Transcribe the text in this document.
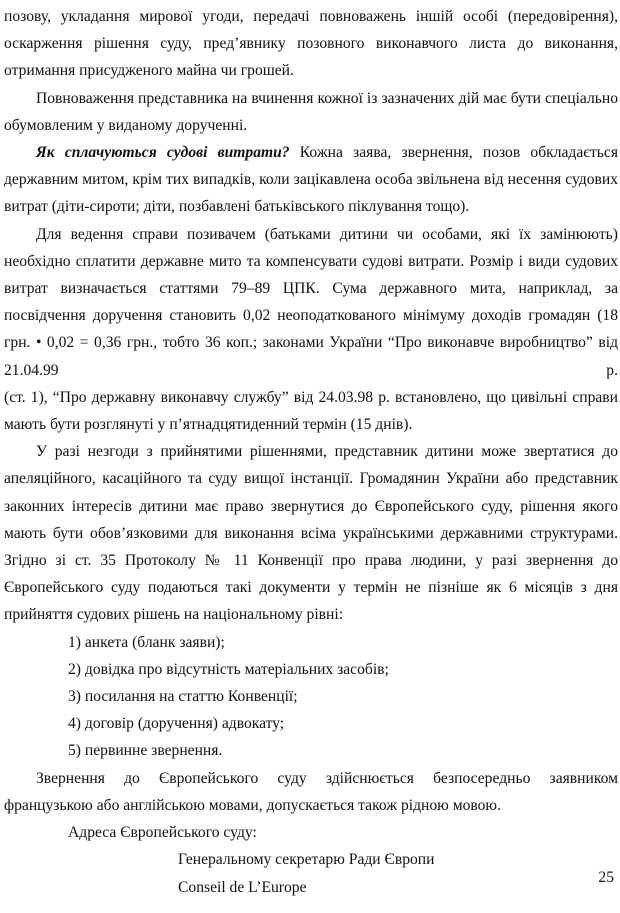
позову, укладання мирової угоди, передачі повноважень іншій особі (передовірення), оскарження рішення суду, пред’явнику позовного виконавчого листа до виконання, отримання присудженого майна чи грошей.

Повноваження представника на вчинення кожної із зазначених дій має бути спеціально обумовленим у виданому дорученні.

Як сплачуються судові витрати? Кожна заява, звернення, позов обкладається державним митом, крім тих випадків, коли зацікавлена особа звільнена від несення судових витрат (діти-сироти; діти, позбавлені батьківського піклування тощо).

Для ведення справи позивачем (батьками дитини чи особами, які їх замінюють) необхідно сплатити державне мито та компенсувати судові витрати. Розмір і види судових витрат визначається статтями 79–89 ЦПК. Сума державного мита, наприклад, за посвідчення доручення становить 0,02 неоподаткованого мінімуму доходів громадян (18 грн. • 0,02 = 0,36 грн., тобто 36 коп.; законами України “Про виконавче виробництво” від 21.04.99 р.

(ст. 1), “Про державну виконавчу службу” від 24.03.98 р. встановлено, що цивільні справи мають бути розглянуті у п’ятнадцятиденний термін (15 днів).

У разі незгоди з прийнятими рішеннями, представник дитини може звертатися до апеляційного, касаційного та суду вищої інстанції. Громадянин України або представник законних інтересів дитини має право звернутися до Європейського суду, рішення якого мають бути обов’язковими для виконання всіма українськими державними структурами. Згідно зі ст. 35 Протоколу № 11 Конвенції про права людини, у разі звернення до Європейського суду подаються такі документи у термін не пізніше як 6 місяців з дня прийняття судових рішень на національному рівні:

1) анкета (бланк заяви);

2) довідка про відсутність матеріальних засобів;

3) посилання на статтю Конвенції;

4) договір (доручення) адвокату;

5) первинне звернення.

Звернення до Європейського суду здійснюється безпосередньо заявником французькою або англійською мовами, допускається також рідною мовою.

Адреса Європейського суду:

Генеральному секретарю Ради Європи

Conseil de L’Europe

25
